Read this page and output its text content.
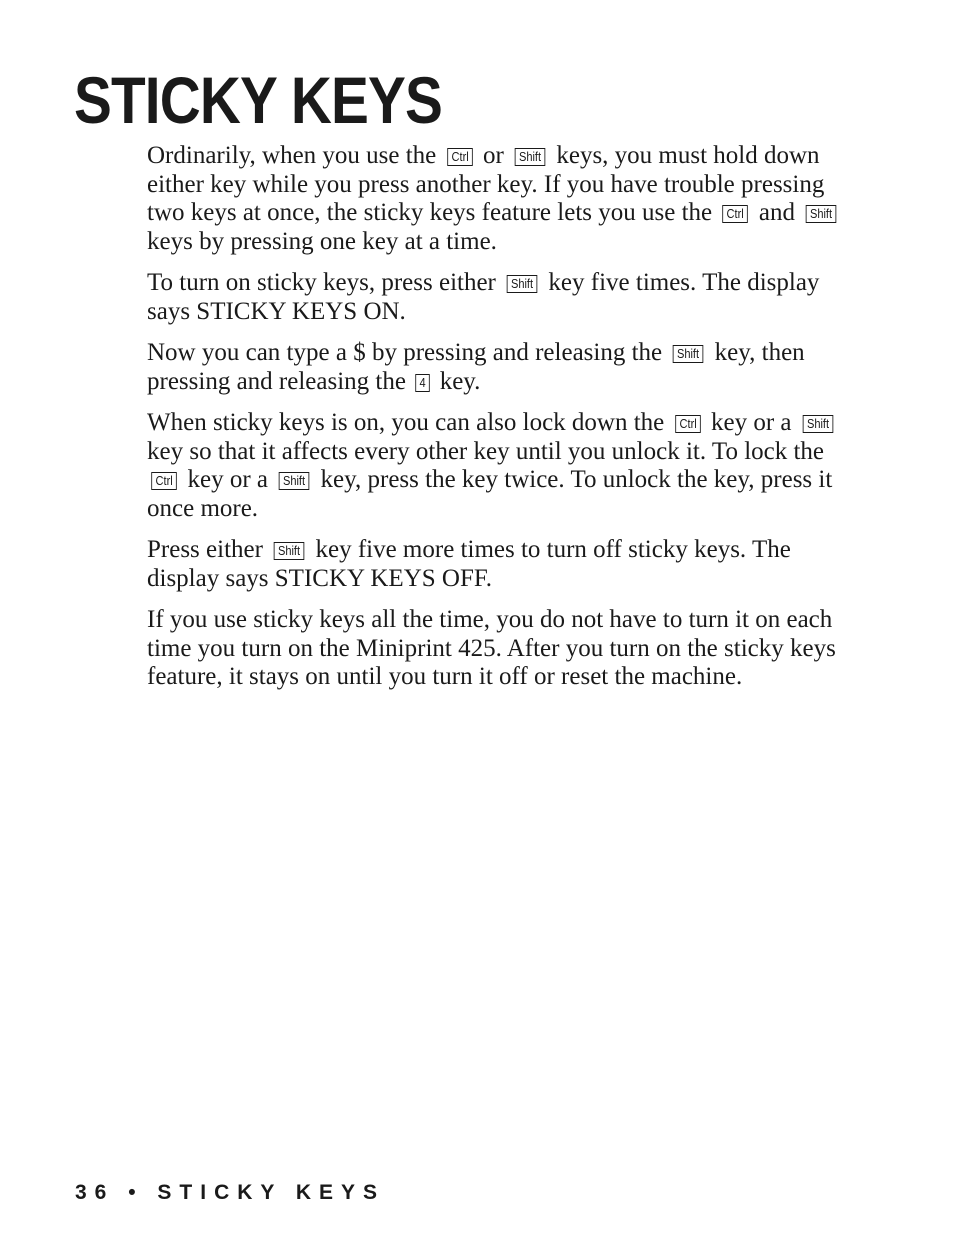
STICKY KEYS

Ordinarily, when you use the Ctrl or Shift keys, you must hold down either key while you press another key. If you have trouble pressing two keys at once, the sticky keys feature lets you use the Ctrl and Shift keys by pressing one key at a time.

To turn on sticky keys, press either Shift key five times. The display says STICKY KEYS ON.

Now you can type a $ by pressing and releasing the Shift key, then pressing and releasing the 4 key.

When sticky keys is on, you can also lock down the Ctrl key or a Shift key so that it affects every other key until you unlock it. To lock the Ctrl key or a Shift key, press the key twice. To unlock the key, press it once more.

Press either Shift key five more times to turn off sticky keys. The display says STICKY KEYS OFF.

If you use sticky keys all the time, you do not have to turn it on each time you turn on the Miniprint 425. After you turn on the sticky keys feature, it stays on until you turn it off or reset the machine.

36 • STICKY KEYS
